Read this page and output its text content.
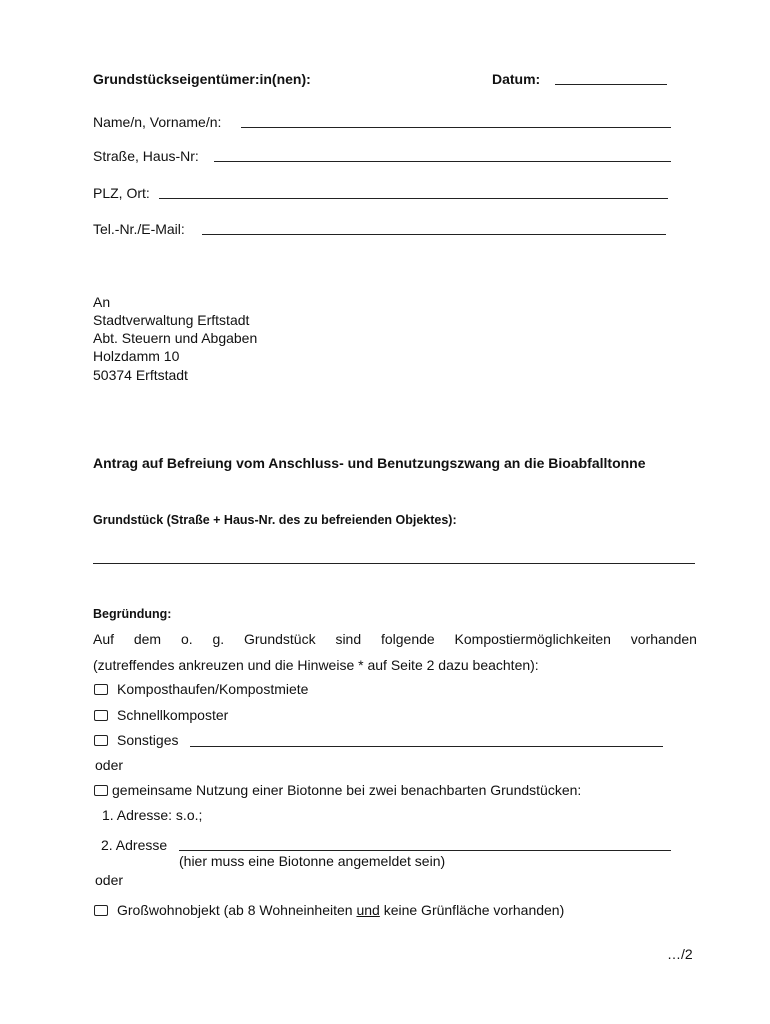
Grundstückseigentümer:in(nen):	Datum:
Name/n, Vorname/n:
Straße, Haus-Nr:
PLZ, Ort:
Tel.-Nr./E-Mail:
An
Stadtverwaltung Erftstadt
Abt. Steuern und Abgaben
Holzdamm 10
50374 Erftstadt
Antrag auf Befreiung vom Anschluss- und Benutzungszwang an die Bioabfalltonne
Grundstück (Straße + Haus-Nr. des zu befreienden Objektes):
Begründung:
Auf dem o. g. Grundstück sind folgende Kompostiermöglichkeiten vorhanden
(zutreffendes ankreuzen und die Hinweise * auf Seite 2 dazu beachten):
Komposthaufen/Kompostmiete
Schnellkomposter
Sonstiges
oder
gemeinsame Nutzung einer Biotonne bei zwei benachbarten Grundstücken:
1. Adresse: s.o.;
2. Adresse
(hier muss eine Biotonne angemeldet sein)
oder
Großwohnobjekt (ab 8 Wohneinheiten und keine Grünfläche vorhanden)
…/2
